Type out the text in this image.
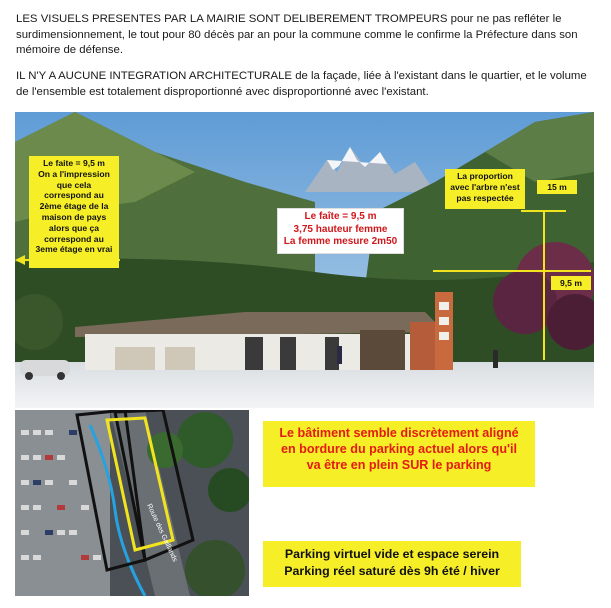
LES VISUELS PRESENTES PAR LA MAIRIE SONT DELIBEREMENT TROMPEURS pour ne pas refléter le surdimensionnement, le tout pour 80 décès par an pour la commune comme le confirme la Préfecture dans son mémoire de défense.

IL N'Y A AUCUNE INTEGRATION ARCHITECTURALE de la façade, liée à l'existant dans le quartier, et le volume de l'ensemble est totalement disproportionné avec disproportionné avec l'existant.

Le faite = 9,5 m
On a l'impression
que cela
correspond au
2ème étage de la
maison de pays
alors que ça
correspond au
3eme étage en vrai
Le faîte = 9,5 m
3,75 hauteur femme
La femme mesure 2m50
La proportion
avec l'arbre n'est
pas respectée
15 m
9,5 m
Route des Gaillands
Le bâtiment semble discrètement aligné
en bordure du parking actuel alors qu'il
va être en plein SUR le parking
Parking virtuel vide et espace serein
Parking réel saturé dès 9h été / hiver
